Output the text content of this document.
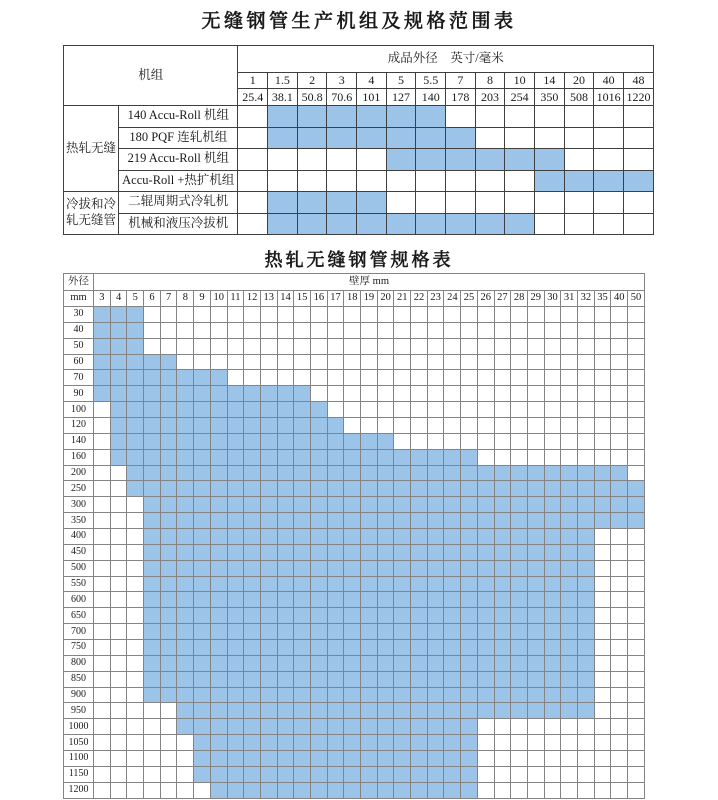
无缝钢管生产机组及规格范围表
机组		成品外径　英寸/毫米													
		1	1.5	2	3	4	5	5.5	7	8	10	14	20	40	48
		25.4	38.1	50.8	70.6	101	127	140	178	203	254	350	508	1016	1220
热轧无缝	140 Accu-Roll 机组														
	180 PQF 连轧机组														
	219 Accu-Roll 机组														
	Accu-Roll +热扩机组														
冷拔和冷轧无缝管	二辊周期式冷轧机														
	机械和液压冷拔机														
热轧无缝钢管规格表
外径	壁厚 mm																																
mm	3	4	5	6	7	8	9	10	11	12	13	14	15	16	17	18	19	20	21	22	23	24	25	26	27	28	29	30	31	32	35	40	50
30																																	
40																																	
50																																	
60																																	
70																																	
90																																	
100																																	
120																																	
140																																	
160																																	
200																																	
250																																	
300																																	
350																																	
400																																	
450																																	
500																																	
550																																	
600																																	
650																																	
700																																	
750																																	
800																																	
850																																	
900																																	
950																																	
1000																																	
1050																																	
1100																																	
1150																																	
1200																																	
